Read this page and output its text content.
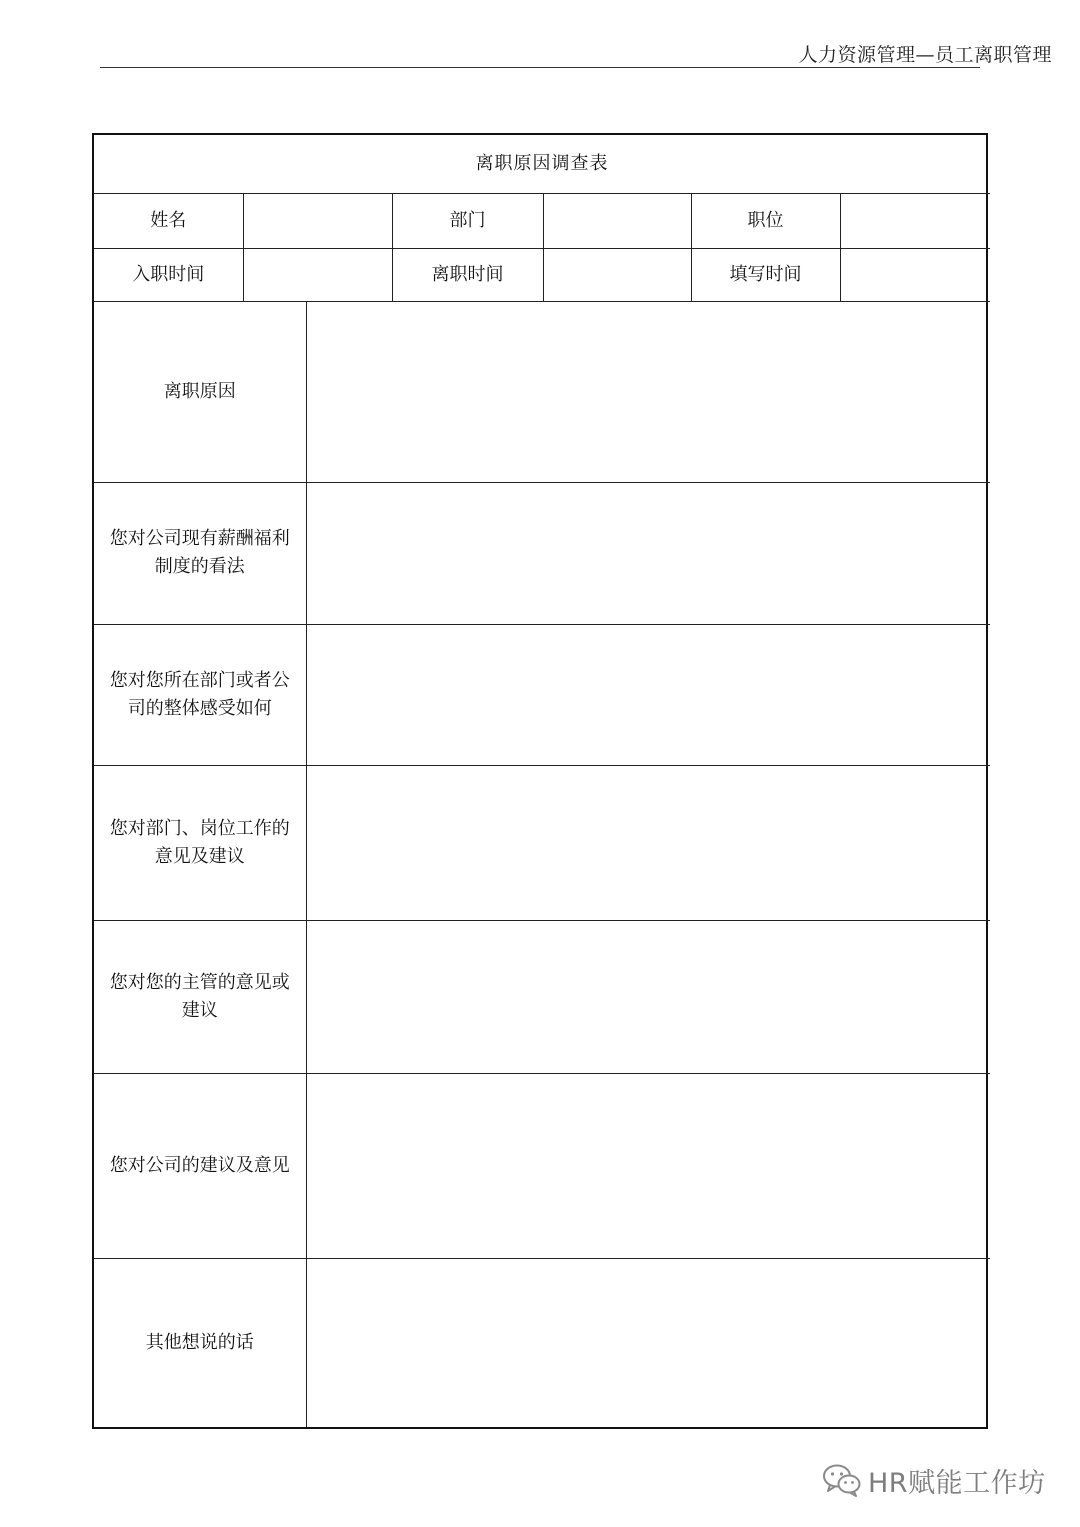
人力资源管理—员工离职管理
离职原因调查表						
姓名			部门		职位	
入职时间			离职时间		填写时间	
离职原因						
您对公司现有薪酬福利制度的看法						
您对您所在部门或者公司的整体感受如何						
您对部门、岗位工作的意见及建议						
您对您的主管的意见或建议						
您对公司的建议及意见						
其他想说的话						
HR赋能工作坊
